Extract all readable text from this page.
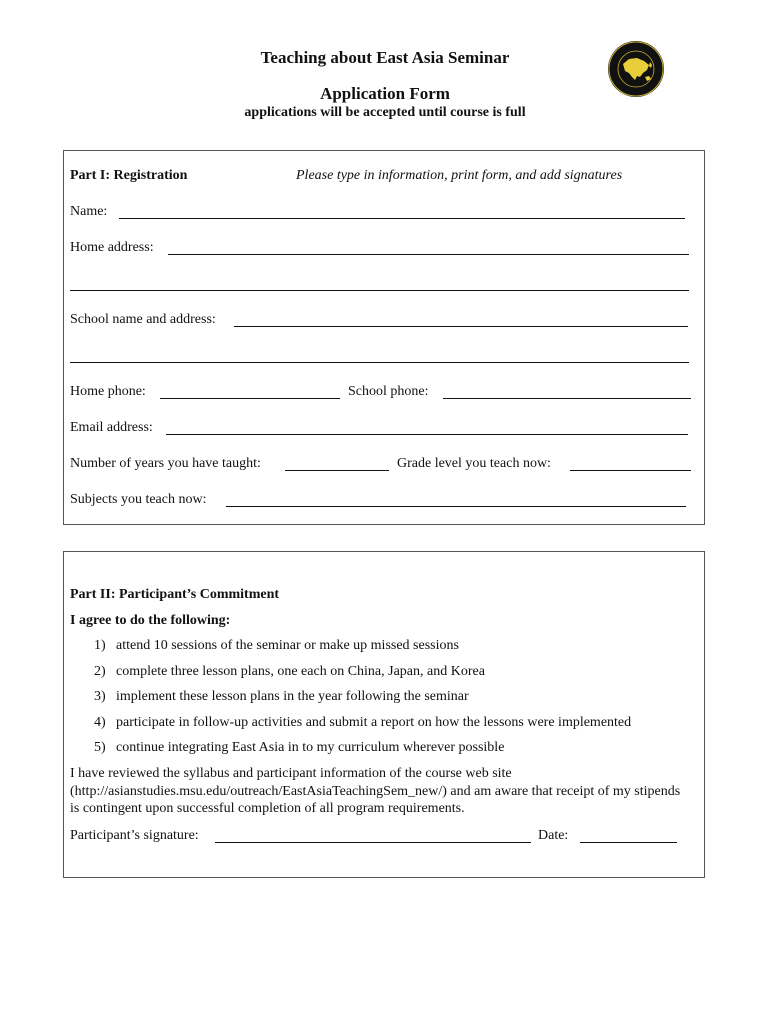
Teaching about East Asia Seminar
Application Form
applications will be accepted until course is full
Part I: Registration	Please type in information, print form, and add signatures
Name:
Home address:
School name and address:
Home phone:	School phone:
Email address:
Number of years you have taught:	Grade level you teach now:
Subjects you teach now:
Part II: Participant’s Commitment
I agree to do the following:
1) attend 10 sessions of the seminar or make up missed sessions
2) complete three lesson plans, one each on China, Japan, and Korea
3) implement these lesson plans in the year following the seminar
4) participate in follow-up activities and submit a report on how the lessons were implemented
5) continue integrating East Asia in to my curriculum wherever possible
I have reviewed the syllabus and participant information of the course web site (http://asianstudies.msu.edu/outreach/EastAsiaTeachingSem_new/) and am aware that receipt of my stipends is contingent upon successful completion of all program requirements.
Participant’s signature:	Date:
